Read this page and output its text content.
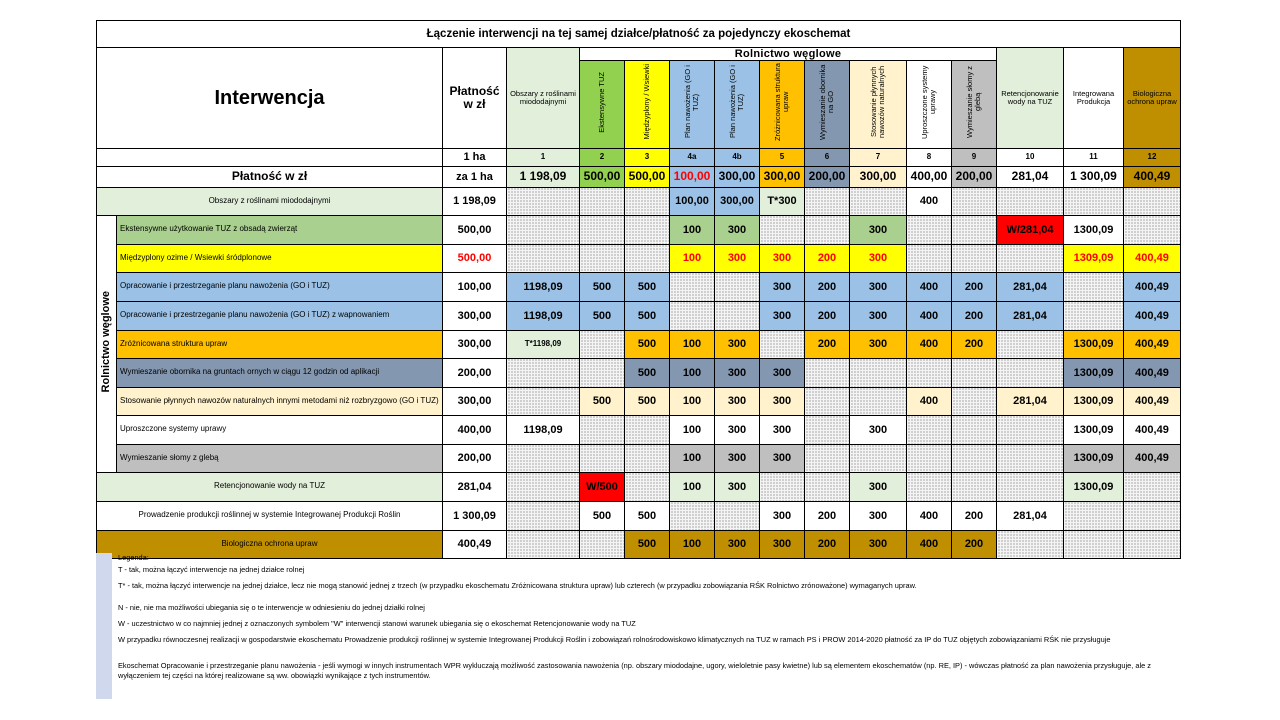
Łączenie interwencji na tej samej działce/płatność za pojedynczy ekoschemat															
Interwencja		Płatność
w zł	Obszary z roślinami miododajnymi	Rolnictwo węglowe									Retencjonowanie wody na TUZ	Integrowana Produkcja	Biologiczna ochrona upraw
				Ekstensywne TUZ	Międzyplony / Wsiewki	Plan nawożenia (GO i TUZ)	Plan nawożenia (GO i TUZ)	Zróżnicowana struktura upraw	Wymieszanie obornika na GO	Stosowanie płynnych nawozów naturalnych	Uproszczone systemy uprawy	Wymieszanie słomy z glebą			
		1 ha	1	2	3	4a	4b	5	6	7	8	9	10	11	12
Płatność w zł		za 1 ha	1 198,09	500,00	500,00	100,00	300,00	300,00	200,00	300,00	400,00	200,00	281,04	1 300,09	400,49
Obszary z roślinami miododajnymi		1 198,09				100,00	300,00	T*300			400				
Rolnictwo węglowe	Ekstensywne użytkowanie TUZ z obsadą zwierząt	500,00				100	300			300			W/281,04	1300,09	
	Międzyplony ozime / Wsiewki śródplonowe	500,00				100	300	300	200	300				1309,09	400,49
	Opracowanie i przestrzeganie planu nawożenia (GO i TUZ)	100,00	1198,09	500	500			300	200	300	400	200	281,04		400,49
	Opracowanie i przestrzeganie planu nawożenia (GO i TUZ) z wapnowaniem	300,00	1198,09	500	500			300	200	300	400	200	281,04		400,49
	Zróżnicowana struktura upraw	300,00	T*1198,09		500	100	300		200	300	400	200		1300,09	400,49
	Wymieszanie obornika na gruntach ornych w ciągu 12 godzin od aplikacji	200,00			500	100	300	300						1300,09	400,49
	Stosowanie płynnych nawozów naturalnych innymi metodami niż rozbryzgowo (GO i TUZ)	300,00		500	500	100	300	300			400		281,04	1300,09	400,49
	Uproszczone systemy uprawy	400,00	1198,09			100	300	300		300				1300,09	400,49
	Wymieszanie słomy z glebą	200,00				100	300	300						1300,09	400,49
Retencjonowanie wody na TUZ		281,04		W/500		100	300			300				1300,09	
Prowadzenie produkcji roślinnej w systemie Integrowanej Produkcji Roślin		1 300,09		500	500			300	200	300	400	200	281,04		
Biologiczna ochrona upraw		400,49			500	100	300	300	200	300	400	200			

Legenda:

T - tak, można łączyć interwencje na jednej działce rolnej

T* - tak, można łączyć interwencje na jednej działce, lecz nie mogą stanowić jednej z trzech (w przypadku ekoschematu Zróżnicowana struktura upraw) lub czterech (w przypadku zobowiązania RŚK Rolnictwo zrónoważone) wymaganych upraw.

N - nie, nie ma możliwości ubiegania się o te interwencje w odniesieniu do jednej działki rolnej

W - uczestnictwo w co najmniej jednej z oznaczonych symbolem "W" interwencji stanowi warunek ubiegania się o ekoschemat Retencjonowanie wody na TUZ

W przypadku równoczesnej realizacji w gospodarstwie ekoschematu Prowadzenie produkcji roślinnej w systemie Integrowanej Produkcji Roślin i zobowiązań rolnośrodowiskowo klimatycznych na TUZ w ramach PS i PROW 2014-2020 płatność za IP do TUZ objętych zobowiązaniami RŚK nie przysługuje

Ekoschemat Opracowanie i przestrzeganie planu nawożenia - jeśli wymogi w innych instrumentach WPR wykluczają możliwość zastosowania nawożenia (np. obszary miododajne, ugory, wieloletnie pasy kwietne) lub są elementem ekoschematów (np. RE, IP) - wówczas płatność za plan nawożenia przysługuje, ale z wyłączeniem tej części na której realizowane są ww. obowiązki wynikające z tych instrumentów.
